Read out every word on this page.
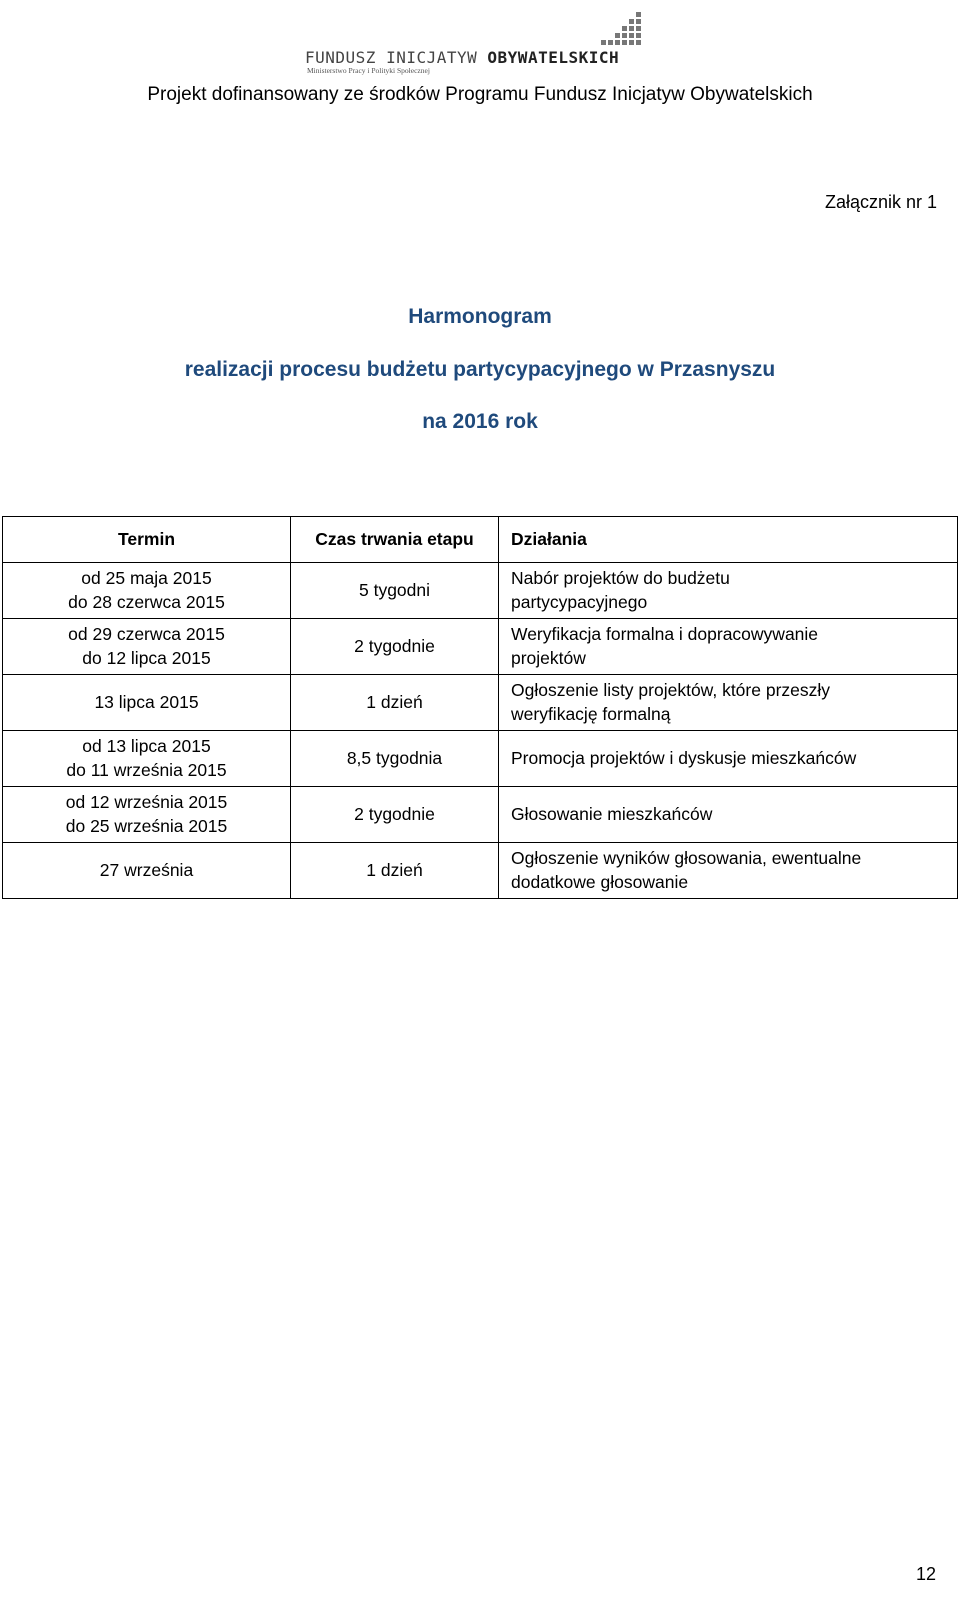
FUNDUSZ INICJATYW OBYWATELSKICH
Ministerstwo Pracy i Polityki Społecznej
Projekt dofinansowany ze środków Programu Fundusz Inicjatyw Obywatelskich
Załącznik nr 1
Harmonogram
realizacji procesu budżetu partycypacyjnego w Przasnyszu
na 2016 rok
Termin	Czas trwania etapu	Działania

od 25 maja 2015
do 28 czerwca 2015	5 tygodni	Nabór projektów do budżetu
partycypacyjnego

od 29 czerwca 2015
do 12 lipca 2015	2 tygodnie	Weryfikacja formalna i dopracowywanie
projektów

13 lipca 2015	1 dzień	Ogłoszenie listy projektów, które przeszły
weryfikację formalną

od 13 lipca 2015
do 11 września 2015	8,5 tygodnia	Promocja projektów i dyskusje mieszkańców

od 12 września 2015
do 25 września 2015	2 tygodnie	Głosowanie mieszkańców

27 września	1 dzień	Ogłoszenie wyników głosowania, ewentualne
dodatkowe głosowanie
12
